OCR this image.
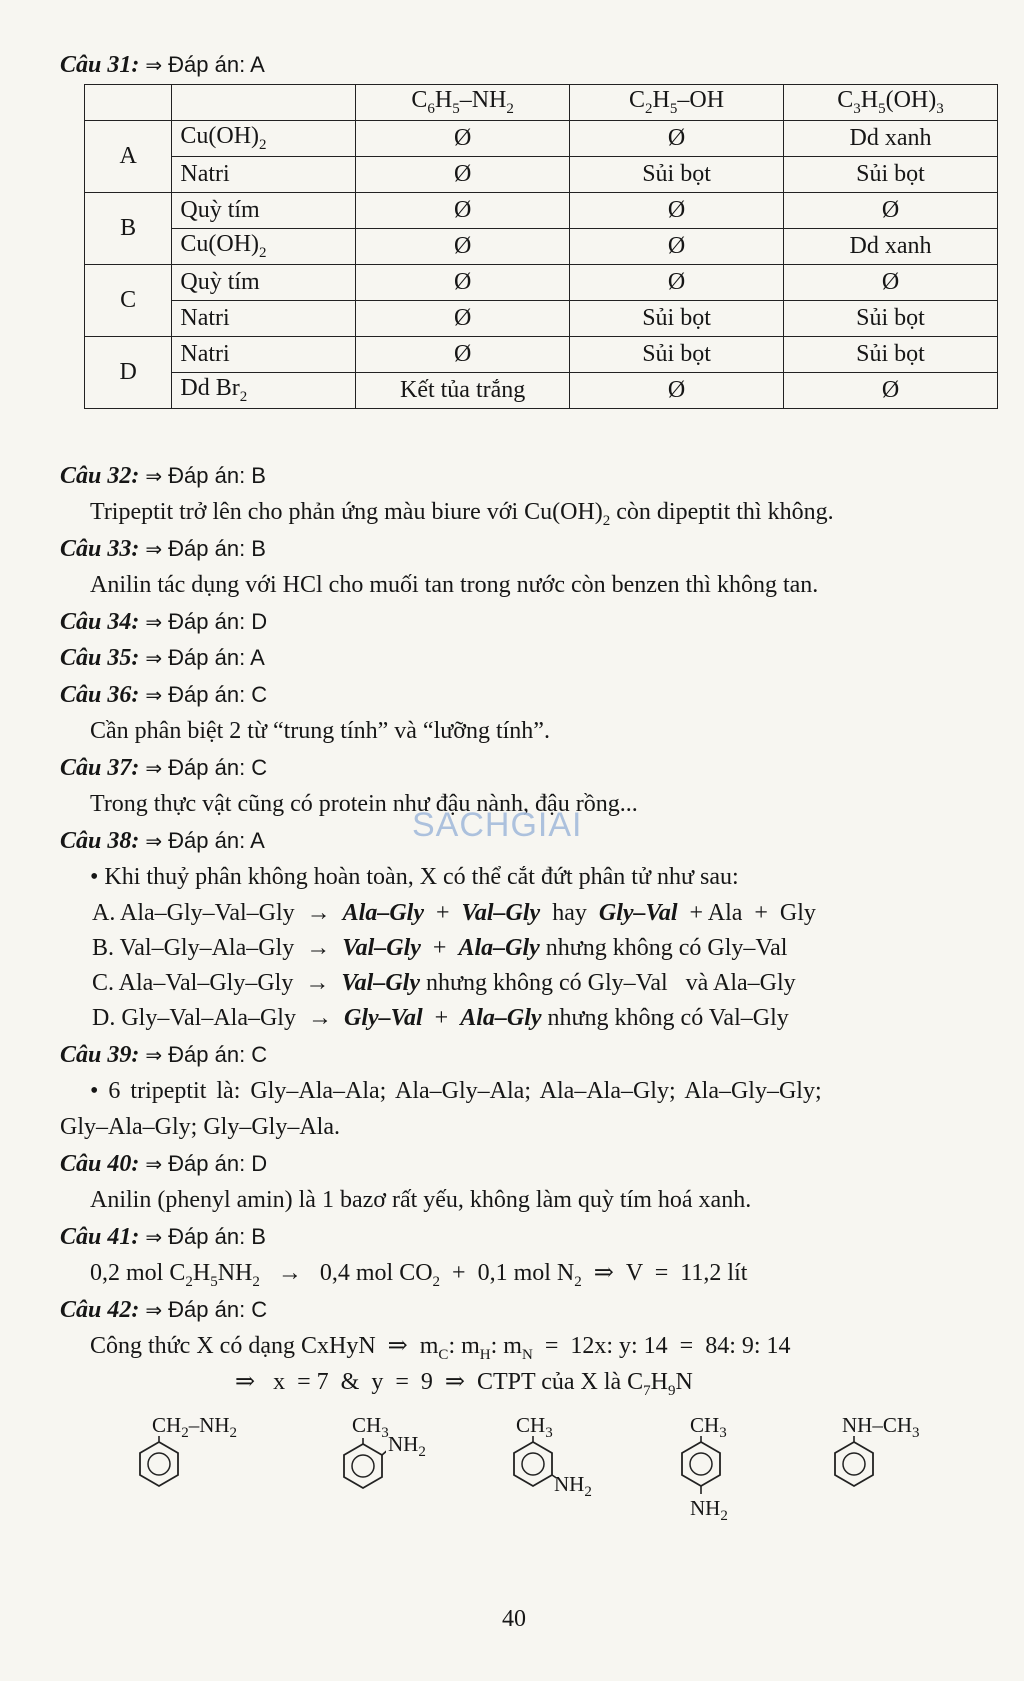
Câu 31: ⇒ Đáp án: A
		$C_6H_5-NH_2$	$C_2H_5-OH$	$C_3H_5(OH)_3$
A	$Cu(OH)_2$	Ø	Ø	Dd xanh
	Natri	Ø	Sủi bọt	Sủi bọt
B	Quỳ tím	Ø	Ø	Ø
	$Cu(OH)_2$	Ø	Ø	Dd xanh
C	Quỳ tím	Ø	Ø	Ø
	Natri	Ø	Sủi bọt	Sủi bọt
D	Natri	Ø	Sủi bọt	Sủi bọt
	Dd $Br_2$	Kết tủa trắng	Ø	Ø
Câu 32: ⇒ Đáp án: B
Tripeptit trở lên cho phản ứng màu biure với $Cu(OH)_2$ còn dipeptit thì không.
Câu 33: ⇒ Đáp án: B
Anilin tác dụng với HCl cho muối tan trong nước còn benzen thì không tan.
Câu 34: ⇒ Đáp án: D
Câu 35: ⇒ Đáp án: A
Câu 36: ⇒ Đáp án: C
Cần phân biệt 2 từ “trung tính” và “lưỡng tính”.
Câu 37: ⇒ Đáp án: C
Trong thực vật cũng có protein như đậu nành, đậu rồng...
SACHGIAI
Câu 38: ⇒ Đáp án: A
• Khi thuỷ phân không hoàn toàn, X có thể cắt đứt phân tử như sau:
A. Ala–Gly–Val–Gly  →  Ala–Gly  +  Val–Gly  hay  Gly–Val  + Ala  +  Gly
B. Val–Gly–Ala–Gly  →  Val–Gly  +  Ala–Gly nhưng không có Gly–Val
C. Ala–Val–Gly–Gly  →  Val–Gly nhưng không có Gly–Val   và Ala–Gly
D. Gly–Val–Ala–Gly  →  Gly–Val  +  Ala–Gly nhưng không có Val–Gly
Câu 39: ⇒ Đáp án: C
• 6 tripeptit là: Gly–Ala–Ala; Ala–Gly–Ala; Ala–Ala–Gly; Ala–Gly–Gly;
Gly–Ala–Gly; Gly–Gly–Ala.
Câu 40: ⇒ Đáp án: D
Anilin (phenyl amin) là 1 bazơ rất yếu, không làm quỳ tím hoá xanh.
Câu 41: ⇒ Đáp án: B
0,2 mol $C_2H_5NH_2 \to 0,4$ mol $CO_2 + 0,1$ mol $N_2$  ⇒  V  =  11,2 lít
Câu 42: ⇒ Đáp án: C
Công thức X có dạng CxHyN  ⇒  $m_C$: $m_H$: $m_N = 12x$: y: 14  =  84: 9: 14
⇒   x  = 7  &  y  =  9  ⇒  CTPT của X là $C_7H_9N$
$CH_2-NH_2$	$CH_3$ $NH_2$
$CH_3$
$NH_2$
$CH_3$
$NH_2$
$NH-CH_3$
40
